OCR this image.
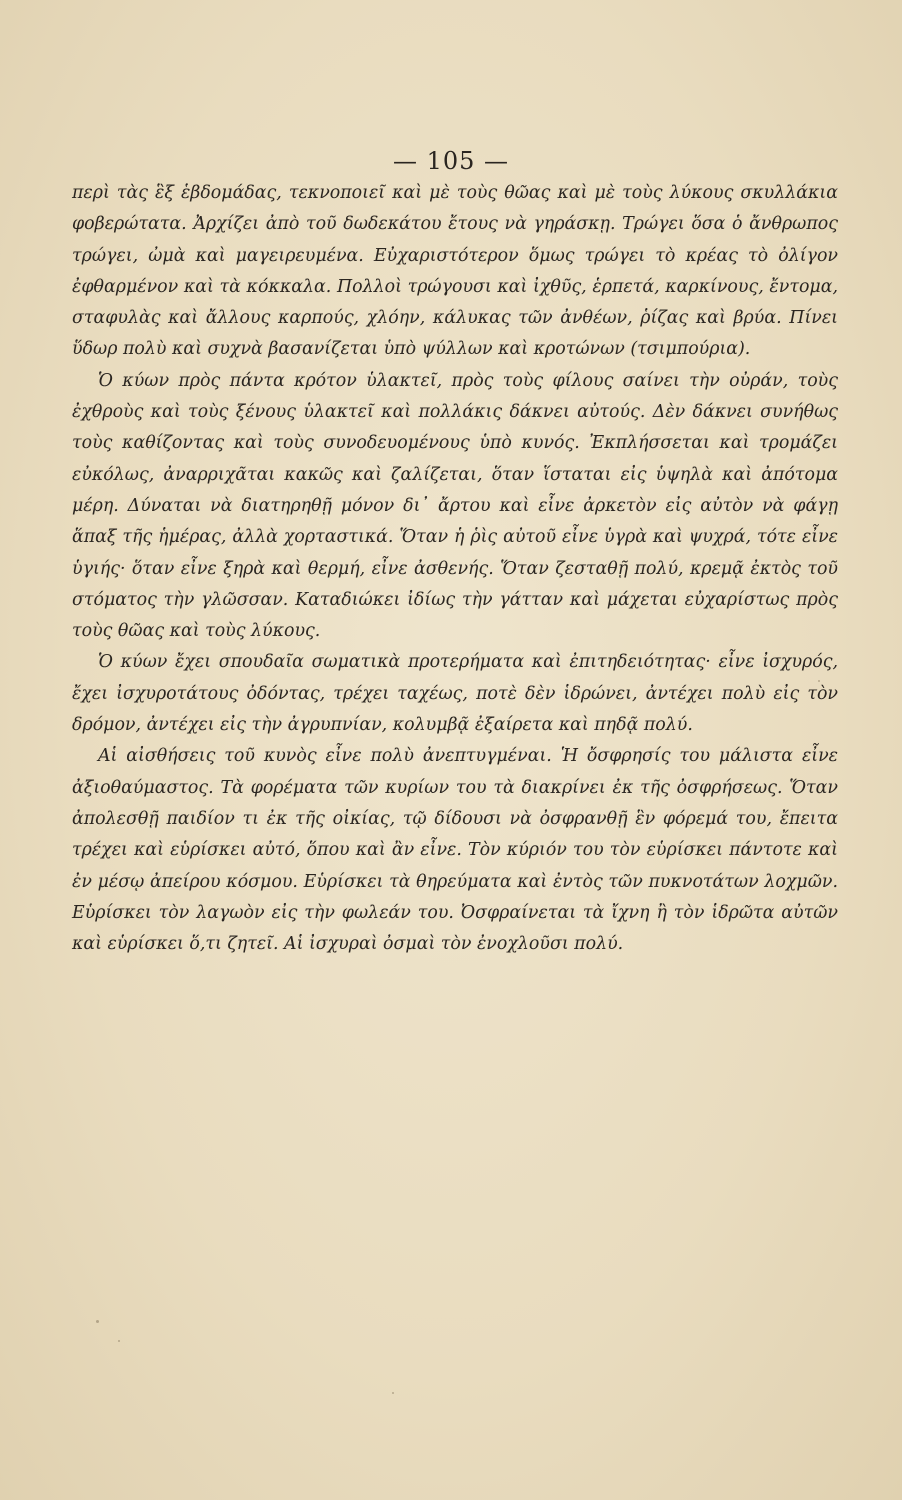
— 105 —

περὶ τὰς ἓξ ἑβδομάδας, τεκνοποιεῖ καὶ μὲ τοὺς θῶας καὶ μὲ τοὺς λύκους σκυλλάκια φοβερώτατα. Ἀρχίζει ἀπὸ τοῦ δωδεκάτου ἔτους νὰ γηράσκῃ. Τρώγει ὅσα ὁ ἄνθρωπος τρώγει, ὠμὰ καὶ μαγειρευμένα. Εὐχαριστότερον ὅμως τρώγει τὸ κρέας τὸ ὀλίγον ἐφθαρμένον καὶ τὰ κόκκαλα. Πολλοὶ τρώγουσι καὶ ἰχθῦς, ἑρπετά, καρκίνους, ἔντομα, σταφυλὰς καὶ ἄλλους καρπούς, χλόην, κάλυκας τῶν ἀνθέων, ῥίζας καὶ βρύα. Πίνει ὕδωρ πολὺ καὶ συχνὰ βασανίζεται ὑπὸ ψύλλων καὶ κροτώνων (τσιμπούρια).

Ὁ κύων πρὸς πάντα κρότον ὑλακτεῖ, πρὸς τοὺς φίλους σαίνει τὴν οὐράν, τοὺς ἐχθροὺς καὶ τοὺς ξένους ὑλακτεῖ καὶ πολλάκις δάκνει αὐτούς. Δὲν δάκνει συνήθως τοὺς καθίζοντας καὶ τοὺς συνοδευομένους ὑπὸ κυνός. Ἐκπλήσσεται καὶ τρομάζει εὐκόλως, ἀναρριχᾶται κακῶς καὶ ζαλίζεται, ὅταν ἵσταται εἰς ὑψηλὰ καὶ ἀπότομα μέρη. Δύναται νὰ διατηρηθῇ μόνον δι᾽ ἄρτου καὶ εἶνε ἀρκετὸν εἰς αὐτὸν νὰ φάγῃ ἅπαξ τῆς ἡμέρας, ἀλλὰ χορταστικά. Ὅταν ἡ ῥὶς αὐτοῦ εἶνε ὑγρὰ καὶ ψυχρά, τότε εἶνε ὑγιής· ὅταν εἶνε ξηρὰ καὶ θερμή, εἶνε ἀσθενής. Ὅταν ζεσταθῇ πολύ, κρεμᾷ ἐκτὸς τοῦ στόματος τὴν γλῶσσαν. Καταδιώκει ἰδίως τὴν γάτταν καὶ μάχεται εὐχαρίστως πρὸς τοὺς θῶας καὶ τοὺς λύκους.

Ὁ κύων ἔχει σπουδαῖα σωματικὰ προτερήματα καὶ ἐπιτηδειότητας· εἶνε ἰσχυρός, ἔχει ἰσχυροτάτους ὀδόντας, τρέχει ταχέως, ποτὲ δὲν ἱδρώνει, ἀντέχει πολὺ εἰς τὸν δρόμον, ἀντέχει εἰς τὴν ἀγρυπνίαν, κολυμβᾷ ἐξαίρετα καὶ πηδᾷ πολύ.

Αἱ αἰσθήσεις τοῦ κυνὸς εἶνε πολὺ ἀνεπτυγμέναι. Ἡ ὄσφρησίς του μάλιστα εἶνε ἀξιοθαύμαστος. Τὰ φορέματα τῶν κυρίων του τὰ διακρίνει ἐκ τῆς ὀσφρήσεως. Ὅταν ἀπολεσθῇ παιδίον τι ἐκ τῆς οἰκίας, τῷ δίδουσι νὰ ὀσφρανθῇ ἓν φόρεμά του, ἔπειτα τρέχει καὶ εὑρίσκει αὐτό, ὅπου καὶ ἂν εἶνε. Τὸν κύριόν του τὸν εὑρίσκει πάντοτε καὶ ἐν μέσῳ ἀπείρου κόσμου. Εὑρίσκει τὰ θηρεύματα καὶ ἐντὸς τῶν πυκνοτάτων λοχμῶν. Εὑρίσκει τὸν λαγωὸν εἰς τὴν φωλεάν του. Ὀσφραίνεται τὰ ἴχνη ἢ τὸν ἱδρῶτα αὐτῶν καὶ εὑρίσκει ὅ,τι ζητεῖ. Αἱ ἰσχυραὶ ὀσμαὶ τὸν ἐνοχλοῦσι πολύ.
